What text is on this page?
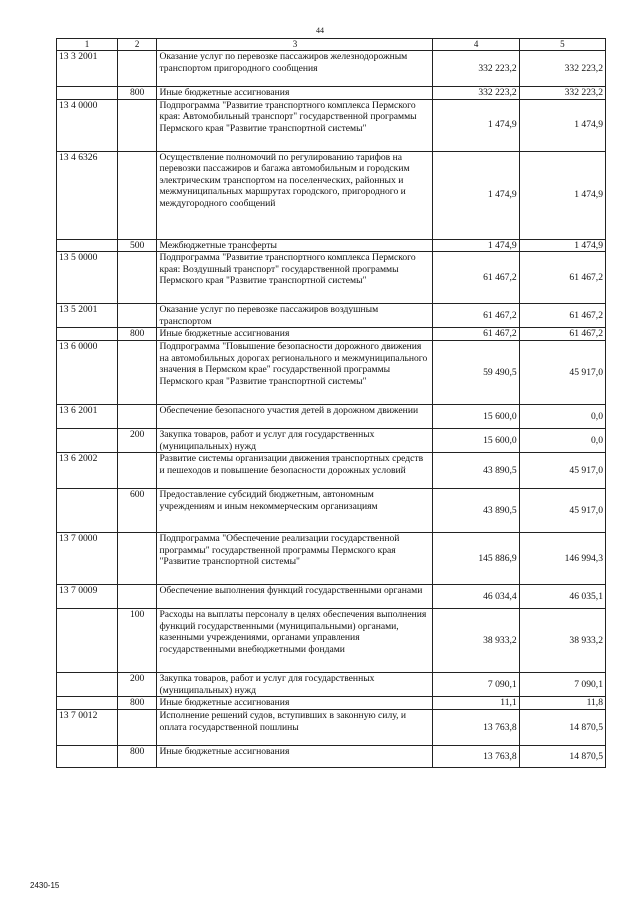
44
1	2	3	4	5
13 3 2001		Оказание услуг по перевозке пассажиров железнодорожным транспортом пригородного сообщения	332 223,2	332 223,2
	800	Иные бюджетные ассигнования	332 223,2	332 223,2
13 4 0000		Подпрограмма "Развитие транспортного комплекса Пермского края: Автомобильный транспорт" государственной программы Пермского края "Развитие транспортной системы"	1 474,9	1 474,9
13 4 6326		Осуществление полномочий по регулированию тарифов на перевозки пассажиров и багажа автомобильным и городским электрическим транспортом на поселенческих, районных и межмуниципальных маршрутах городского, пригородного и междугородного сообщений	1 474,9	1 474,9
	500	Межбюджетные трансферты	1 474,9	1 474,9
13 5 0000		Подпрограмма "Развитие транспортного комплекса Пермского края: Воздушный транспорт" государственной программы Пермского края "Развитие транспортной системы"	61 467,2	61 467,2
13 5 2001		Оказание услуг по перевозке пассажиров воздушным транспортом	61 467,2	61 467,2
	800	Иные бюджетные ассигнования	61 467,2	61 467,2
13 6 0000		Подпрограмма "Повышение безопасности дорожного движения на автомобильных дорогах регионального и межмуниципального значения в Пермском крае" государственной программы Пермского края "Развитие транспортной системы"	59 490,5	45 917,0
13 6 2001		Обеспечение безопасного участия детей в дорожном движении	15 600,0	0,0
	200	Закупка товаров, работ и услуг для государственных (муниципальных) нужд	15 600,0	0,0
13 6 2002		Развитие системы организации движения транспортных средств и пешеходов и повышение безопасности дорожных условий	43 890,5	45 917,0
	600	Предоставление субсидий бюджетным, автономным учреждениям и иным некоммерческим организациям	43 890,5	45 917,0
13 7 0000		Подпрограмма "Обеспечение реализации государственной программы" государственной программы Пермского края "Развитие транспортной системы"	145 886,9	146 994,3
13 7 0009		Обеспечение выполнения функций государственными органами	46 034,4	46 035,1
	100	Расходы на выплаты персоналу в целях обеспечения выполнения функций государственными (муниципальными) органами, казенными учреждениями, органами управления государственными внебюджетными фондами	38 933,2	38 933,2
	200	Закупка товаров, работ и услуг для государственных (муниципальных) нужд	7 090,1	7 090,1
	800	Иные бюджетные ассигнования	11,1	11,8
13 7 0012		Исполнение решений судов, вступивших в законную силу, и оплата государственной пошлины	13 763,8	14 870,5
	800	Иные бюджетные ассигнования	13 763,8	14 870,5
2430-15
